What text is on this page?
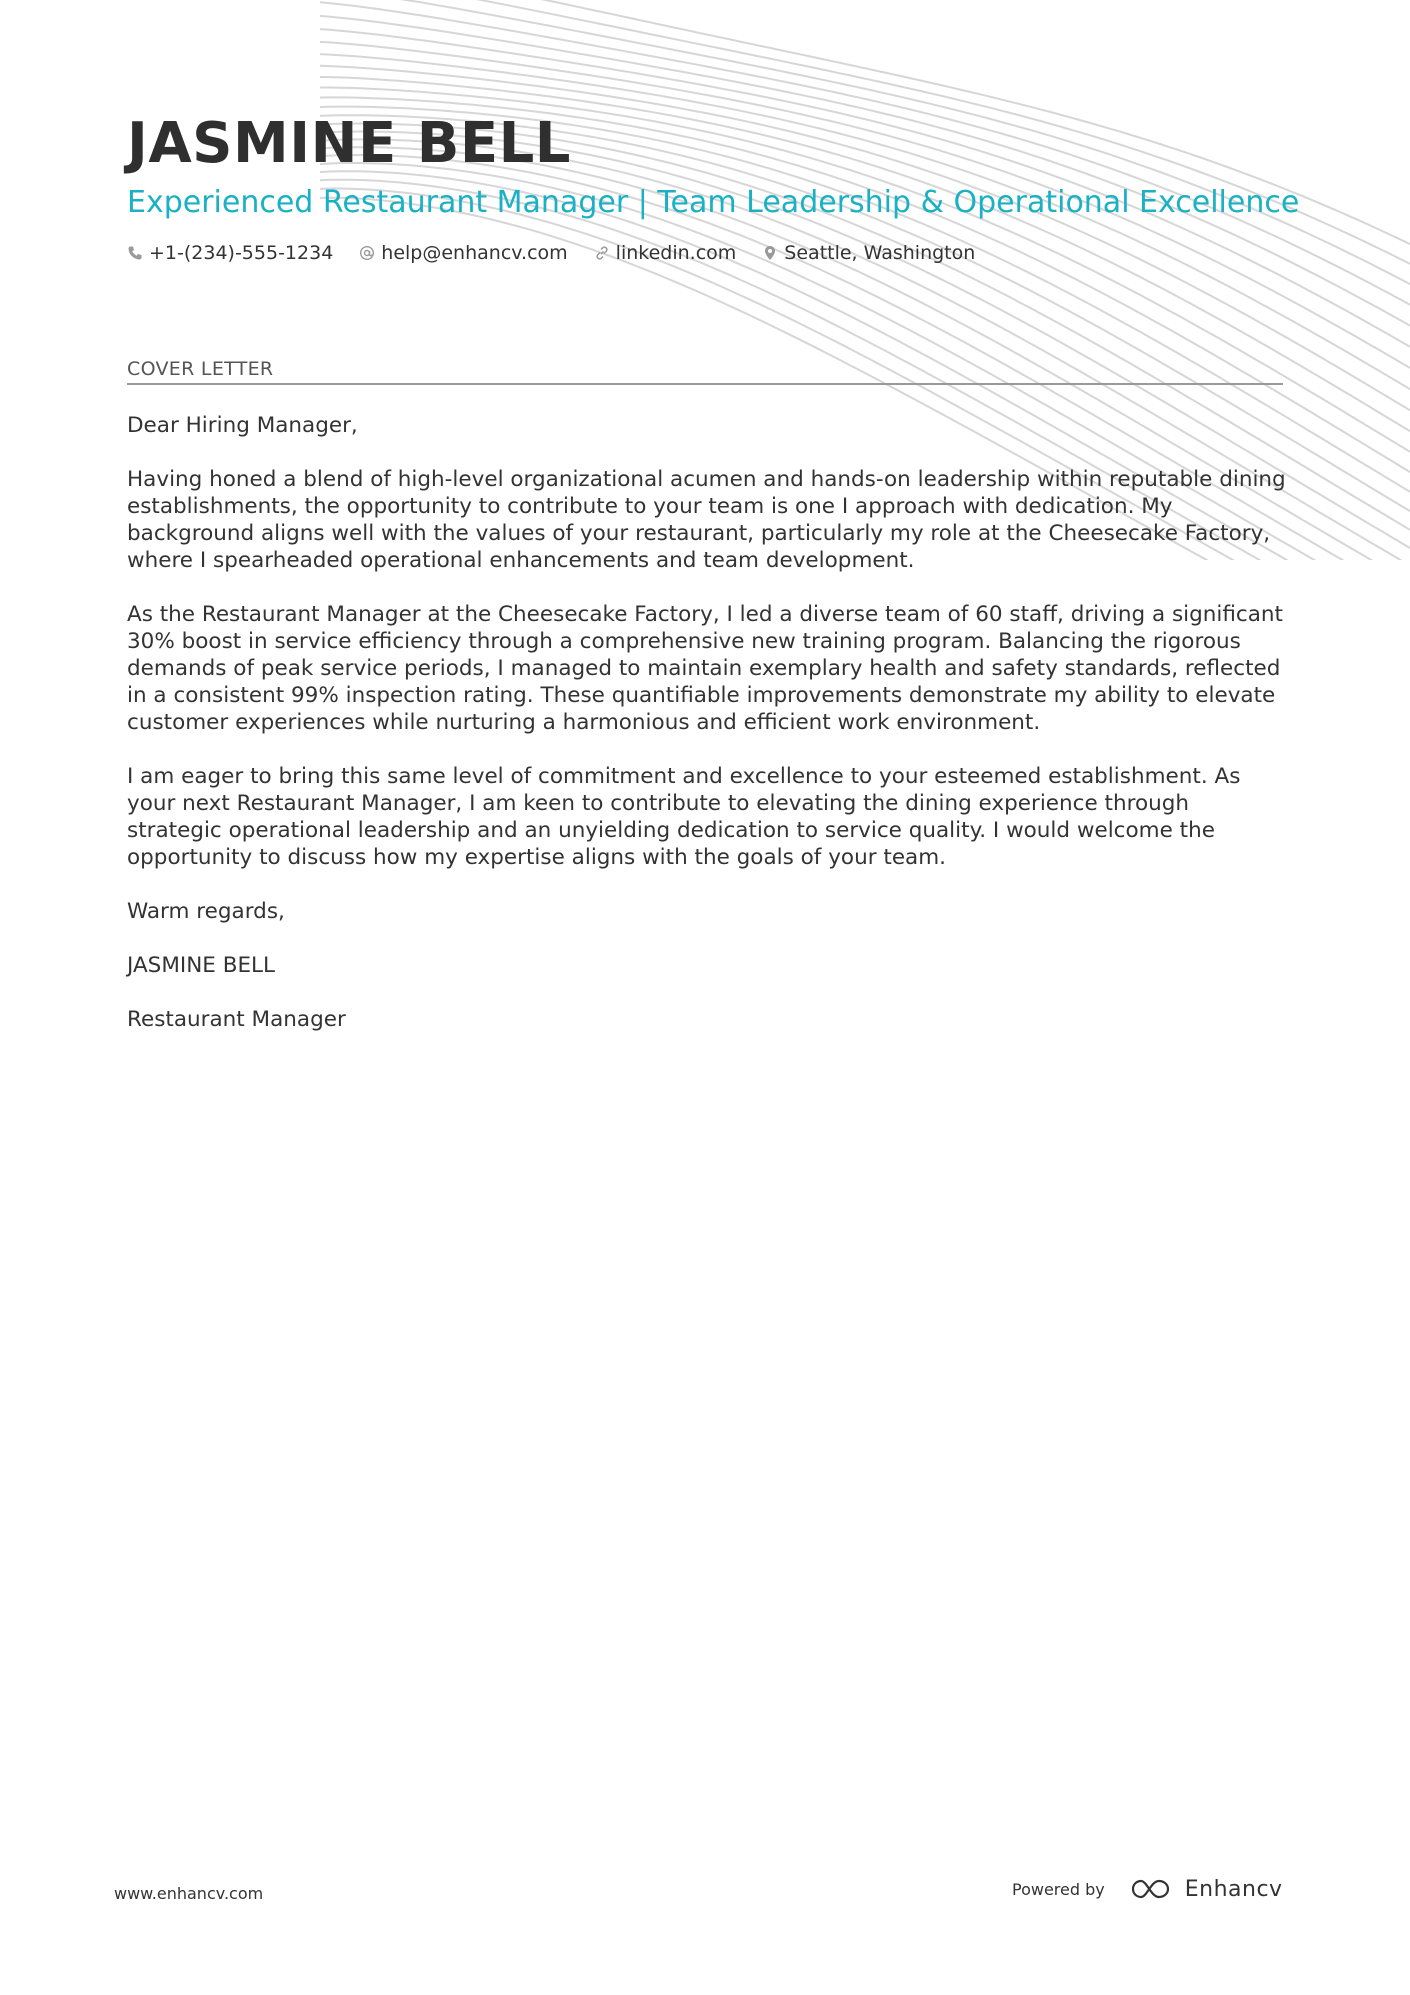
JASMINE BELL
Experienced Restaurant Manager | Team Leadership & Operational Excellence
+1-(234)-555-1234	help@enhancv.com	linkedin.com	Seattle, Washington
COVER LETTER

Dear Hiring Manager,

Having honed a blend of high-level organizational acumen and hands-on leadership within reputable dining establishments, the opportunity to contribute to your team is one I approach with dedication. My background aligns well with the values of your restaurant, particularly my role at the Cheesecake Factory, where I spearheaded operational enhancements and team development.

As the Restaurant Manager at the Cheesecake Factory, I led a diverse team of 60 staff, driving a significant 30% boost in service efficiency through a comprehensive new training program. Balancing the rigorous demands of peak service periods, I managed to maintain exemplary health and safety standards, reflected in a consistent 99% inspection rating. These quantifiable improvements demonstrate my ability to elevate customer experiences while nurturing a harmonious and efficient work environment.

I am eager to bring this same level of commitment and excellence to your esteemed establishment. As your next Restaurant Manager, I am keen to contribute to elevating the dining experience through strategic operational leadership and an unyielding dedication to service quality. I would welcome the opportunity to discuss how my expertise aligns with the goals of your team.

Warm regards,

JASMINE BELL

Restaurant Manager

www.enhancv.com	Powered by	Enhancv
